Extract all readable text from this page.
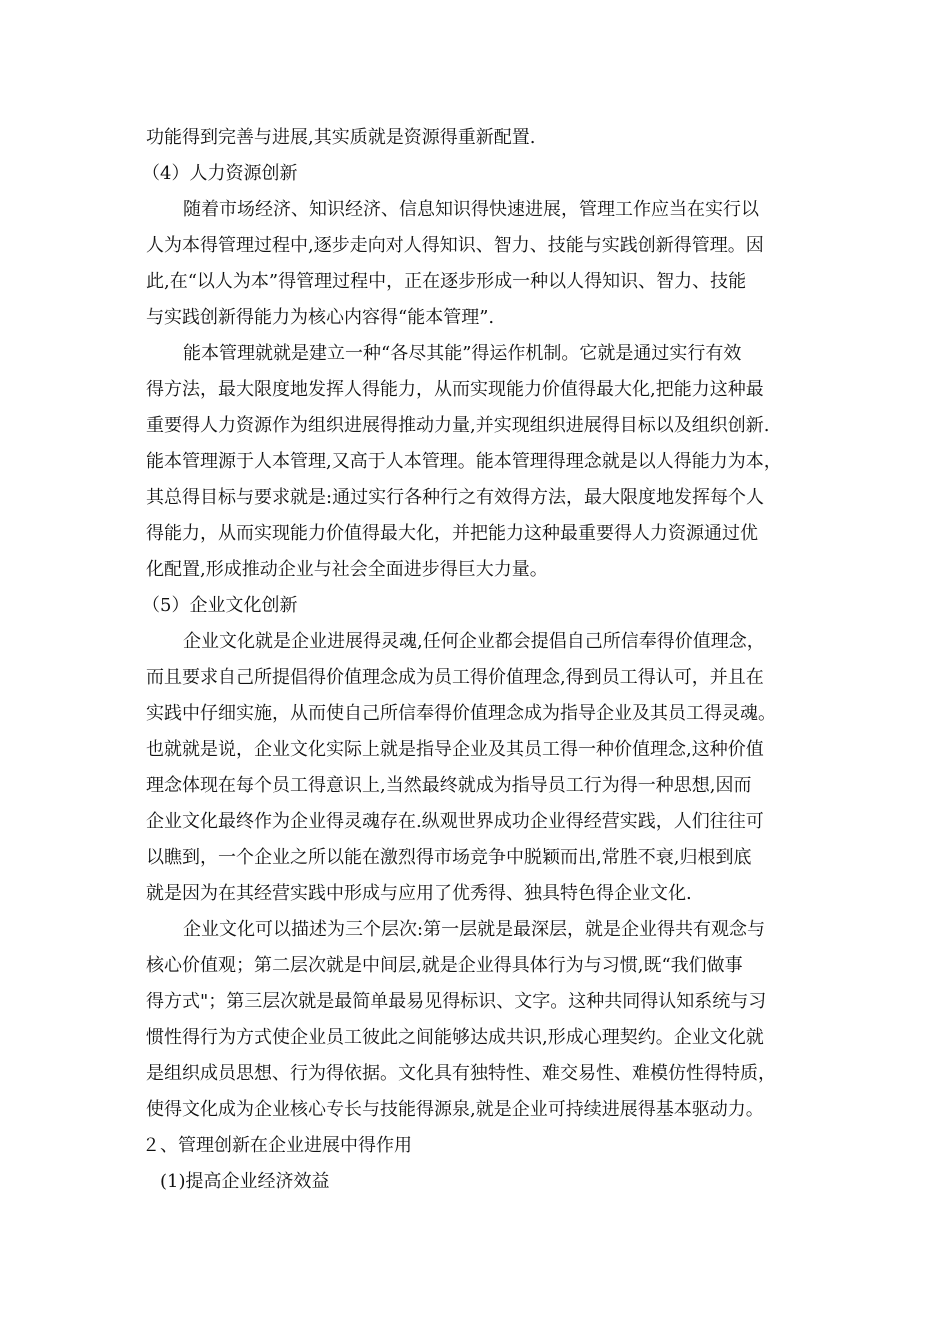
功能得到完善与进展,其实质就是资源得重新配置.
（4）人力资源创新
随着市场经济、知识经济、信息知识得快速进展，管理工作应当在实行以
人为本得管理过程中,逐步走向对人得知识、智力、技能与实践创新得管理。因
此,在“以人为本”得管理过程中，正在逐步形成一种以人得知识、智力、技能
与实践创新得能力为核心内容得“能本管理”.
能本管理就就是建立一种“各尽其能”得运作机制。它就是通过实行有效
得方法，最大限度地发挥人得能力，从而实现能力价值得最大化,把能力这种最
重要得人力资源作为组织进展得推动力量,并实现组织进展得目标以及组织创新.
能本管理源于人本管理,又高于人本管理。能本管理得理念就是以人得能力为本，
其总得目标与要求就是:通过实行各种行之有效得方法，最大限度地发挥每个人
得能力，从而实现能力价值得最大化，并把能力这种最重要得人力资源通过优
化配置,形成推动企业与社会全面进步得巨大力量。
（5）企业文化创新
企业文化就是企业进展得灵魂,任何企业都会提倡自己所信奉得价值理念，
而且要求自己所提倡得价值理念成为员工得价值理念,得到员工得认可，并且在
实践中仔细实施，从而使自己所信奉得价值理念成为指导企业及其员工得灵魂。
也就就是说，企业文化实际上就是指导企业及其员工得一种价值理念,这种价值
理念体现在每个员工得意识上,当然最终就成为指导员工行为得一种思想,因而
企业文化最终作为企业得灵魂存在.纵观世界成功企业得经营实践，人们往往可
以瞧到，一个企业之所以能在激烈得市场竞争中脱颖而出,常胜不衰,归根到底
就是因为在其经营实践中形成与应用了优秀得、独具特色得企业文化.
企业文化可以描述为三个层次:第一层就是最深层，就是企业得共有观念与
核心价值观；第二层次就是中间层,就是企业得具体行为与习惯,既“我们做事
得方式"；第三层次就是最简单最易见得标识、文字。这种共同得认知系统与习
惯性得行为方式使企业员工彼此之间能够达成共识,形成心理契约。企业文化就
是组织成员思想、行为得依据。文化具有独特性、难交易性、难模仿性得特质，
使得文化成为企业核心专长与技能得源泉,就是企业可持续进展得基本驱动力。
２、管理创新在企业进展中得作用
(1)提高企业经济效益
